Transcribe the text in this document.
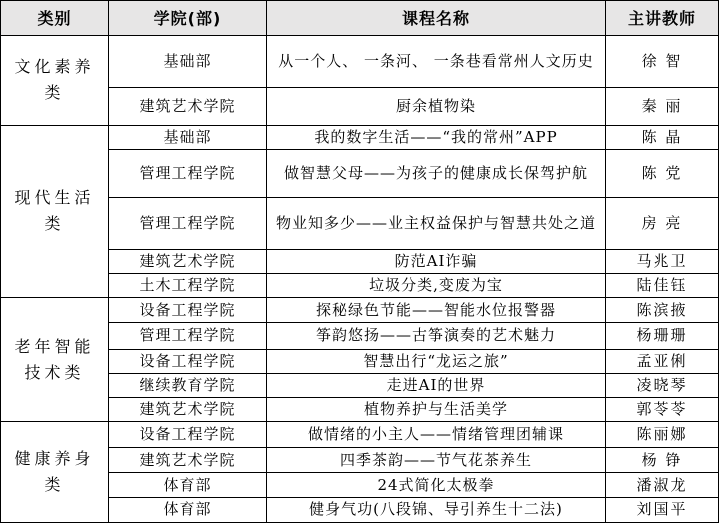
类别	学院(部)	课程名称	主讲教师
文化素养类	基础部	从一个人、 一条河、 一条巷看常州人文历史	徐 智
	建筑艺术学院	厨余植物染	秦 丽
现代生活类	基础部	我的数字生活——“我的常州”APP	陈 晶
	管理工程学院	做智慧父母——为孩子的健康成长保驾护航	陈 党
	管理工程学院	物业知多少——业主权益保护与智慧共处之道	房 亮
	建筑艺术学院	防范AI诈骗	马兆卫
	土木工程学院	垃圾分类,变废为宝	陆佳钰
老年智能技术类	设备工程学院	探秘绿色节能——智能水位报警器	陈滨掖
	管理工程学院	筝韵悠扬——古筝演奏的艺术魅力	杨珊珊
	设备工程学院	智慧出行“龙运之旅”	孟亚俐
	继续教育学院	走进AI的世界	凌晓琴
	建筑艺术学院	植物养护与生活美学	郭苓苓
健康养身类	设备工程学院	做情绪的小主人——情绪管理团辅课	陈丽娜
	建筑艺术学院	四季茶韵——节气花茶养生	杨 铮
	体育部	24式简化太极拳	潘淑龙
	体育部	健身气功(八段锦、导引养生十二法)	刘国平
